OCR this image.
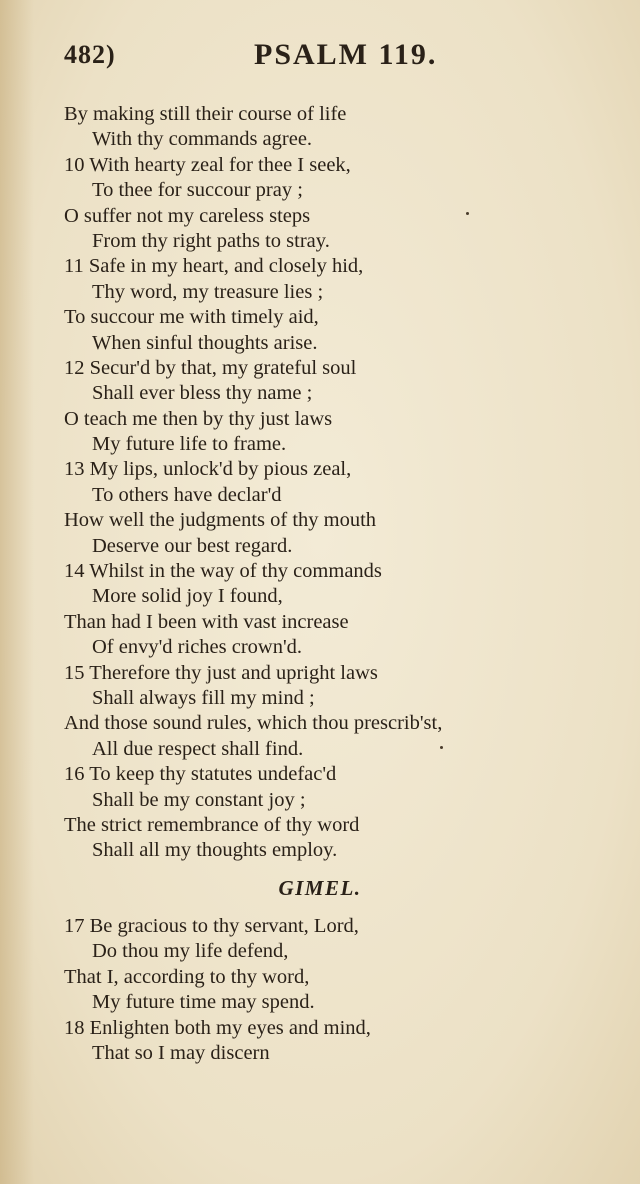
482)	PSALM 119.
By making still their course of life
With thy commands agree.
10 With hearty zeal for thee I seek,
To thee for succour pray ;
O suffer not my careless steps
From thy right paths to stray.
11 Safe in my heart, and closely hid,
Thy word, my treasure lies ;
To succour me with timely aid,
When sinful thoughts arise.
12 Secur'd by that, my grateful soul
Shall ever bless thy name ;
O teach me then by thy just laws
My future life to frame.
13 My lips, unlock'd by pious zeal,
To others have declar'd
How well the judgments of thy mouth
Deserve our best regard.
14 Whilst in the way of thy commands
More solid joy I found,
Than had I been with vast increase
Of envy'd riches crown'd.
15 Therefore thy just and upright laws
Shall always fill my mind ;
And those sound rules, which thou prescrib'st,
All due respect shall find.
16 To keep thy statutes undefac'd
Shall be my constant joy ;
The strict remembrance of thy word
Shall all my thoughts employ.
GIMEL.
17 Be gracious to thy servant, Lord,
Do thou my life defend,
That I, according to thy word,
My future time may spend.
18 Enlighten both my eyes and mind,
That so I may discern
